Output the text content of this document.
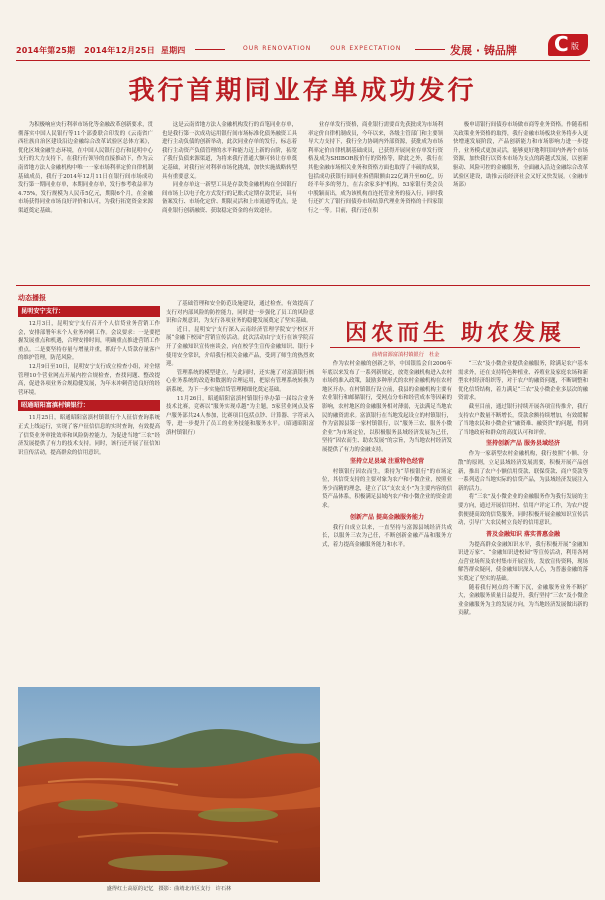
2014年第25期 2014年12月25日 星期四	OUR RENOVATION	OUR EXPECTATION	发展 · 铸品牌 C 版
我行首期同业存单成功发行

为积极响应央行利率市场化等金融改革创新要求，贯彻落实中国人民银行等11个部委联合印发的《云南省广西壮族自治区建设沿边金融综合改革试验区总体方案》，优化区域金融生态环境，在中国人民银行总行和昆明中心支行的大力支持下，在我行行领导的直接推动下，作为云南省地方法人金融机构中唯一一家市场利率定价自律机制基础成员，我行于2014年12月11日在银行间市场成功发行第一期同业存单，本期同业存单，发行参考收益率为4.75%，发行规模为人民币5亿元，期限6个月，在金融市场获得同业市场良好评价和认可，为我行拓宽资金来源渠道奠定基础。

这是云南省地方法人金融机构发行的首笔同业存单，也是我行第一次成功运用银行间市场标准化债务融资工具进行主动负债的创新举动，此次同业存单的发行，标志着我行主动资产负债管理的水平和能力迈上新的台阶，拓宽了我行负债来源渠道，为将来我行普通大额可转让存单奠定基础，对我行应对利率市场化挑战，加快实施战略转型具有重要意义。

同业存单这一新型工具是存款类金融机构在全国银行间市场上以电子化方式发行的记账式定期存款凭证，具有备案发行、市场化定价、期限灵活和上市流通等优点，是商业银行创新融资、获取稳定资金的有效途径。

业存单发行资格，商业银行需要首先获批成为市场利率定价自律机制成员，今年以来，各级主管部门和主要领导大力支持下，我行全力协调内外部资源，获批成为市场利率定价自律机制基础成员，已获得开展同业存单发行资格及成为SHIBOR报价行的资格等，除此之外，我行在其他金融市场相关业务和资格方面也取得了丰硕的成果，包括成功获银行间同业拆借限额由22亿调升至60亿，历经半年多的努力，在古余家多护机构，53家银行类会员中脱颖而出，成为该机构直连托管业务的接入行，同时我行还扩大了银行间债券市场结算代理业务资格的十四家银行之一等。目前，我行还在积

极申请银行间债券市场做市商等业务资格。作随着相关政策业务资格的取得，我行金融市场板块业务将步入更快增速发展阶段，产品创新能力和市场影响力进一步提升，业务模式更加灵活，能够更好地利用国内外两个市场资源，加快我行以资本市场为支点的跨越式发展，以创新驱动、风险可控的金融服务，全面融入沿边金融综合改革试验区建设，助推云南经济社会又好又快发展。（金融市场部）

动态播报
昆明安宁支行：

12月3日，昆明安宁支行召开个人信贷业务营销工作会，安排部署年末个人业务冲刺工作。会议要求：一是要把握发展重点和机遇，合理安排时间，明确重点推进营销工作重点。二是要坚持存量与增量并重，抓好个人贷款存量客户的维护管理，防范风险。

12月9日至10日，昆明安宁支行成立检查小组，对全辖管理10个营业网点开展内控合规检查，查找问题、整改提高，促进各项业务合规稳健发展，为年末冲刺营造良好的经营环境。

昭通昭阳富滇村镇银行：

11月25日，昭通昭阳富滇村镇银行个人征信查询系统正式上线运行，实现了客户征信信息的实时查询，有效提高了信贷业务审批效率和风险防控能力，为促进当地“三农”经济发展提供了有力的技术支持。同时，该行还开展了征信知识宣传活动，提高群众的信用意识。

了基础管理和安全防范设施建设，通过检查，有效提高了支行对内部风险的防控能力，同时进一步强化了员工的风险意识和合规意识，为支行各项业务的稳健发展奠定了坚实基础。

近日，昆明安宁支行深入云南经济管理学院安宁校区开展“金融下校园”营销宣传活动。此次活动由宁支行在该学院召开了金融知识宣传座谈会，向在校学生宣传金融知识、银行卡使用安全常识，介绍我行相关金融产品，受到了师生的热烈欢迎。

管理系统的模型建立，与此同时，还实施了对富滇银行核心业务系统的改造和数据的合理运用，把原有管理系统转换为新系统，为下一步实施信贷管理精细化奠定基础。

11月26日，昭通昭阳富滇村镇银行举办第一届综合业务技术比赛，竞赛以“服务实现卓越”为主题，5家营业网点及客户服务部共24人参加，比赛项目包括点钞、计算器、字符录入等，进一步提升了员工的业务技能和服务水平。（昭通昭阳富滇村镇银行）

盛得红土高原的记忆　摄影：曲靖北市区支行　许石林
因农而生 助农发展
曲靖富源富滇村镇银行　杜金

作为农村金融的创新之举，中国银监会自2006年年底以来发布了一系列新规定，放宽金融机构进入农村市场的准入政策，鼓励多种形式的农村金融机构在农村地区开办。在村镇银行设立前，我县的金融机构主要有农业银行和邮储银行，受网点分布和经营成本等因素的影响，农村地区的金融服务相对薄弱，无法满足当地农民的融资需求。富滇银行在当地发起设立的村镇银行，作为富源县第一家村镇银行，以“服务三农、服务小微企业”为市场定位，以积极服务县域经济发展为己任，坚持“因农而生、助农发展”的宗旨，为当地农村经济发展提供了有力的金融支持。

坚持立足县域 注重特色经营

村镇银行因农而生，秉持为“草根银行”的市场定位，其信贷支持的主要对象为农户和小微企业，按照业务少而精的理念，建立了以“支农支小”为主要内容的信贷产品体系，积极满足县域内农户和小微企业的资金需求。

创新产品 提高金融服务能力

我行自成立以来，一直坚持与富源县域经济共成长，以服务三农为己任，不断创新金融产品和服务方式，着力提高金融服务能力和水平。

“三农”及小微企业提供金融服务，除满足农户基本需求外，还在支持特色种植业、养殖业及家庭农场和新型农村经济组织等，对于农户的融资问题，不断调整和优化信贷结构，着力满足“三农”及小微企业多层次的融资需求。

截至目前，通过银行持续开展各项宣传推介，我行支持农户数量不断增长，贷款余额持续增加，有效缓解了当地农民和小微企业“融资难、融资贵”的问题，得到了当地政府和群众的高度认可和评价。

坚持创新产品 服务县域经济

作为一家新型农村金融机构，我行按照“小额、分散”的原则，立足县域经济发展需要，积极开展产品创新，推出了农户小额信用贷款、联保贷款、商户贷款等一系列适合当地实际的信贷产品，为县域经济发展注入新的活力。

将“三农”及小微企业的金融服务作为我行发展的主要方向，通过开展信用村、信用户评定工作，为农户提供便捷高效的信贷服务，同时积极开展金融知识宣传活动，引导广大农民树立良好的信用意识。

普及金融知识 落实普惠金融

为提高群众金融知识水平，我行积极开展“金融知识进万家”、“金融知识进校园”等宣传活动，利用各网点营业场所及农村集市开展宣传，发放宣传资料，现场解答群众疑问，使金融知识深入人心，为普惠金融的落实奠定了坚实的基础。

随着我行网点的不断下沉，金融服务业务不断扩大，金融服务质量日益提升，我行坚持“三农”及小微企业金融服务为主的发展方向，为当地经济发展做出新的贡献。
